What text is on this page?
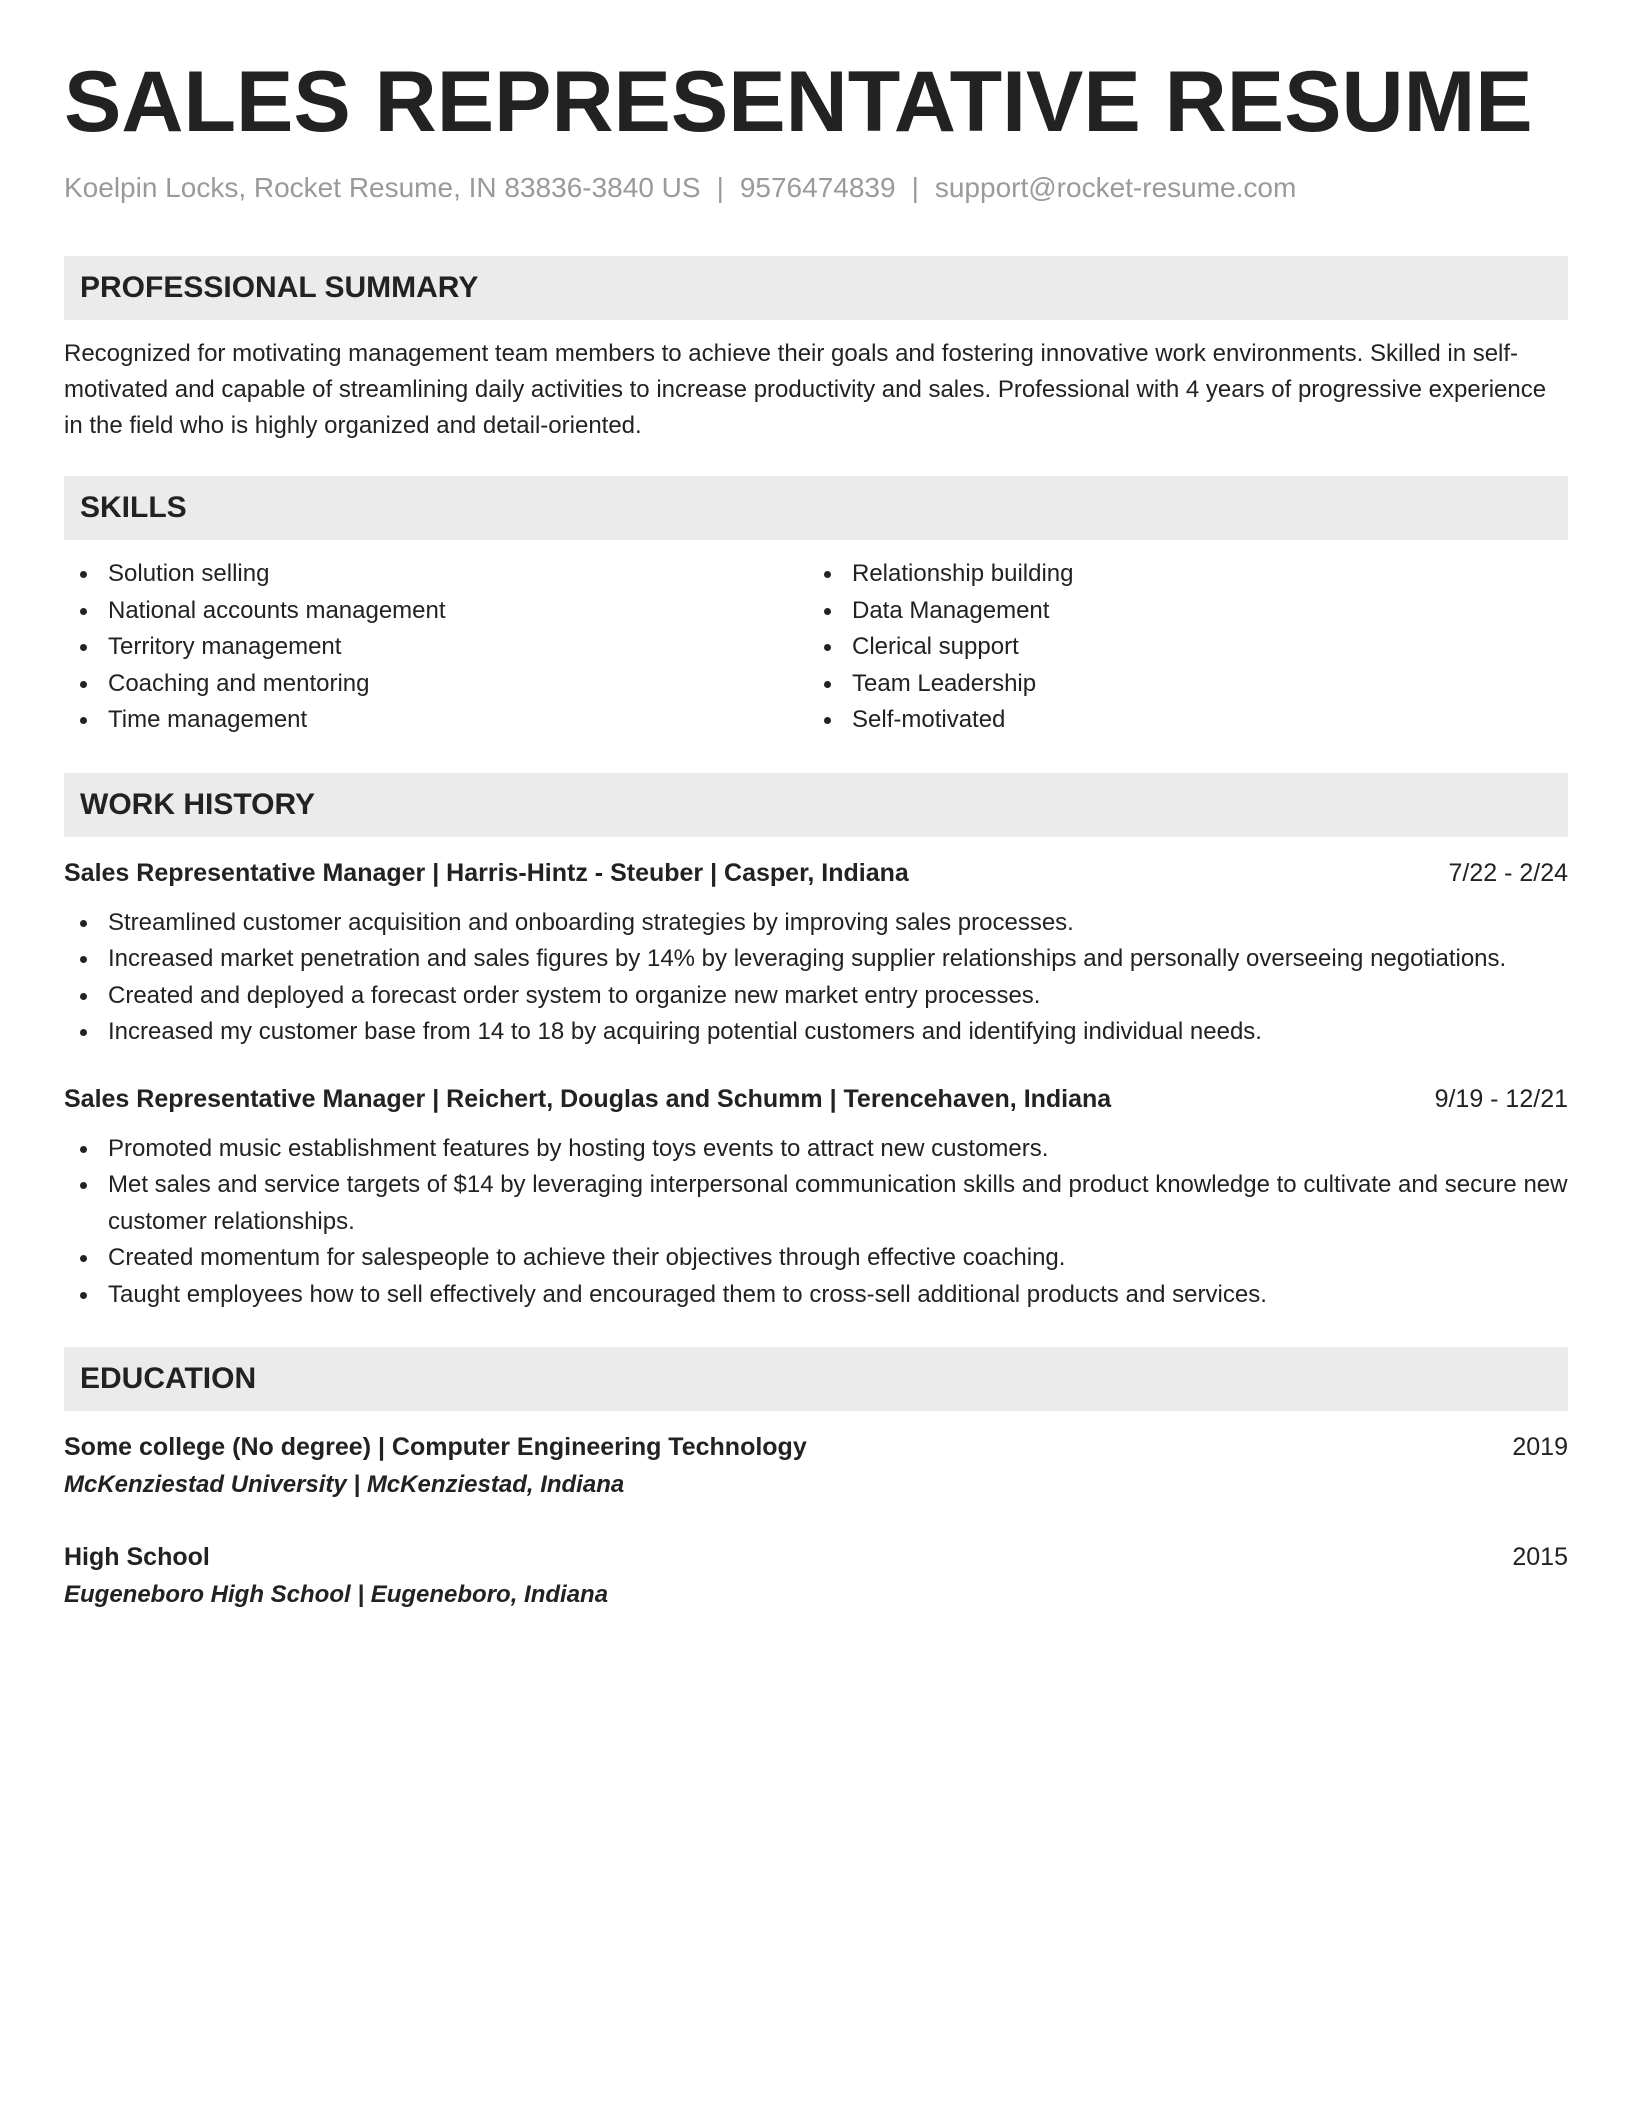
SALES REPRESENTATIVE RESUME
Koelpin Locks, Rocket Resume, IN 83836-3840 US | 9576474839 | support@rocket-resume.com
PROFESSIONAL SUMMARY
Recognized for motivating management team members to achieve their goals and fostering innovative work environments. Skilled in self-motivated and capable of streamlining daily activities to increase productivity and sales. Professional with 4 years of progressive experience in the field who is highly organized and detail-oriented.
SKILLS
Solution selling
National accounts management
Territory management
Coaching and mentoring
Time management
Relationship building
Data Management
Clerical support
Team Leadership
Self-motivated
WORK HISTORY
Sales Representative Manager | Harris-Hintz - Steuber | Casper, Indiana	7/22 - 2/24
Streamlined customer acquisition and onboarding strategies by improving sales processes.
Increased market penetration and sales figures by 14% by leveraging supplier relationships and personally overseeing negotiations.
Created and deployed a forecast order system to organize new market entry processes.
Increased my customer base from 14 to 18 by acquiring potential customers and identifying individual needs.
Sales Representative Manager | Reichert, Douglas and Schumm | Terencehaven, Indiana	9/19 - 12/21
Promoted music establishment features by hosting toys events to attract new customers.
Met sales and service targets of $14 by leveraging interpersonal communication skills and product knowledge to cultivate and secure new customer relationships.
Created momentum for salespeople to achieve their objectives through effective coaching.
Taught employees how to sell effectively and encouraged them to cross-sell additional products and services.
EDUCATION
Some college (No degree) | Computer Engineering Technology	2019
McKenziestad University | McKenziestad, Indiana
High School	2015
Eugeneboro High School | Eugeneboro, Indiana
